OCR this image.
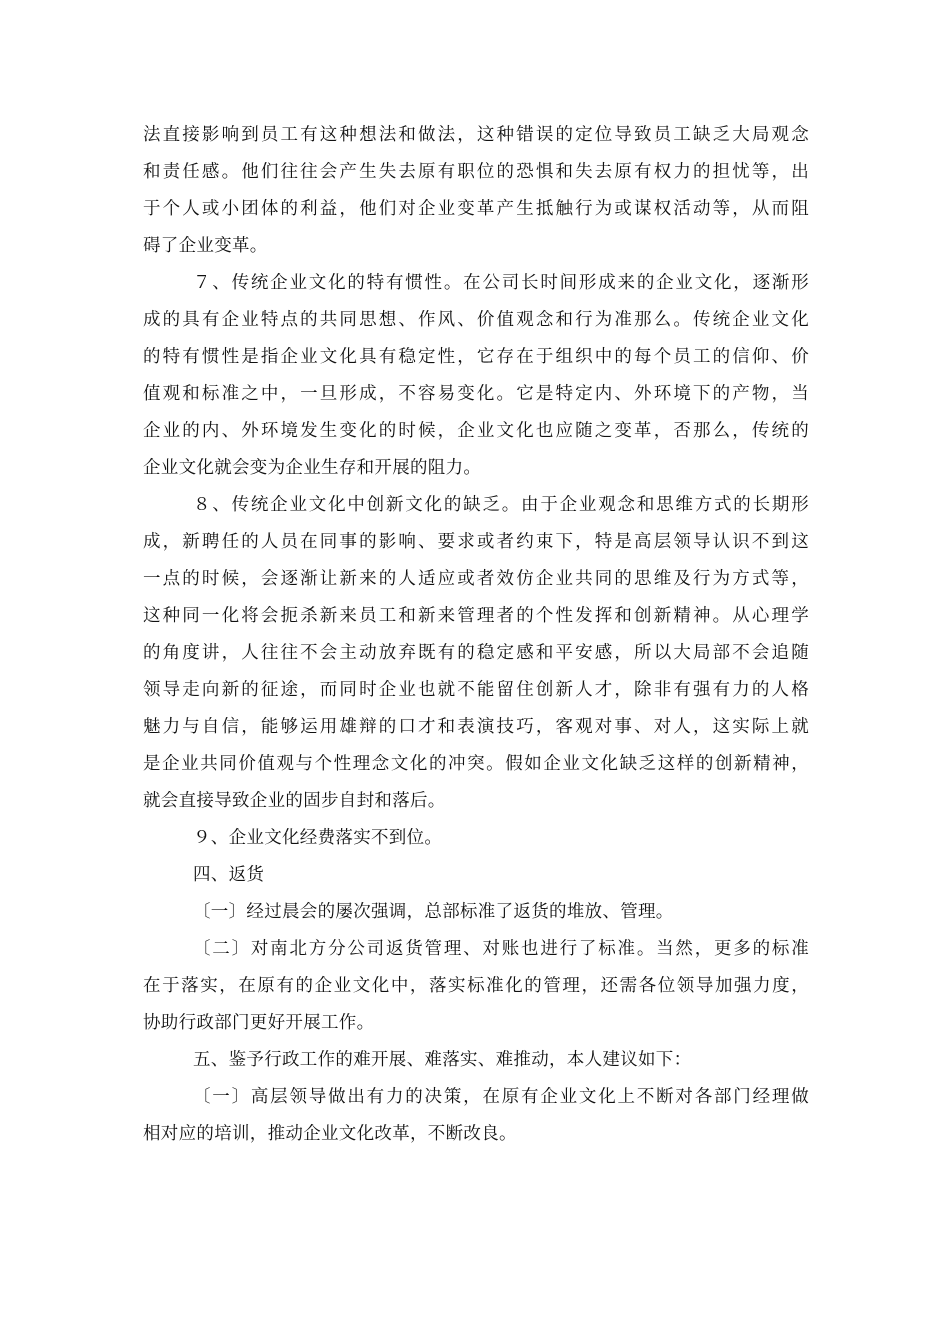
法直接影响到员工有这种想法和做法，这种错误的定位导致员工缺乏大局观念
和责任感。他们往往会产生失去原有职位的恐惧和失去原有权力的担忧等，出
于个人或小团体的利益，他们对企业变革产生抵触行为或谋权活动等，从而阻
碍了企业变革。
７、传统企业文化的特有惯性。在公司长时间形成来的企业文化，逐渐形
成的具有企业特点的共同思想、作风、价值观念和行为准那么。传统企业文化
的特有惯性是指企业文化具有稳定性，它存在于组织中的每个员工的信仰、价
值观和标准之中，一旦形成，不容易变化。它是特定内、外环境下的产物，当
企业的内、外环境发生变化的时候，企业文化也应随之变革，否那么，传统的
企业文化就会变为企业生存和开展的阻力。
８、传统企业文化中创新文化的缺乏。由于企业观念和思维方式的长期形
成，新聘任的人员在同事的影响、要求或者约束下，特是高层领导认识不到这
一点的时候，会逐渐让新来的人适应或者效仿企业共同的思维及行为方式等，
这种同一化将会扼杀新来员工和新来管理者的个性发挥和创新精神。从心理学
的角度讲，人往往不会主动放弃既有的稳定感和平安感，所以大局部不会追随
领导走向新的征途，而同时企业也就不能留住创新人才，除非有强有力的人格
魅力与自信，能够运用雄辩的口才和表演技巧，客观对事、对人，这实际上就
是企业共同价值观与个性理念文化的冲突。假如企业文化缺乏这样的创新精神，
就会直接导致企业的固步自封和落后。
９、企业文化经费落实不到位。
四、返货
〔一〕经过晨会的屡次强调，总部标准了返货的堆放、管理。
〔二〕对南北方分公司返货管理、对账也进行了标准。当然，更多的标准
在于落实，在原有的企业文化中，落实标准化的管理，还需各位领导加强力度，
协助行政部门更好开展工作。
五、鉴予行政工作的难开展、难落实、难推动，本人建议如下：
〔一〕高层领导做出有力的决策，在原有企业文化上不断对各部门经理做
相对应的培训，推动企业文化改革，不断改良。
